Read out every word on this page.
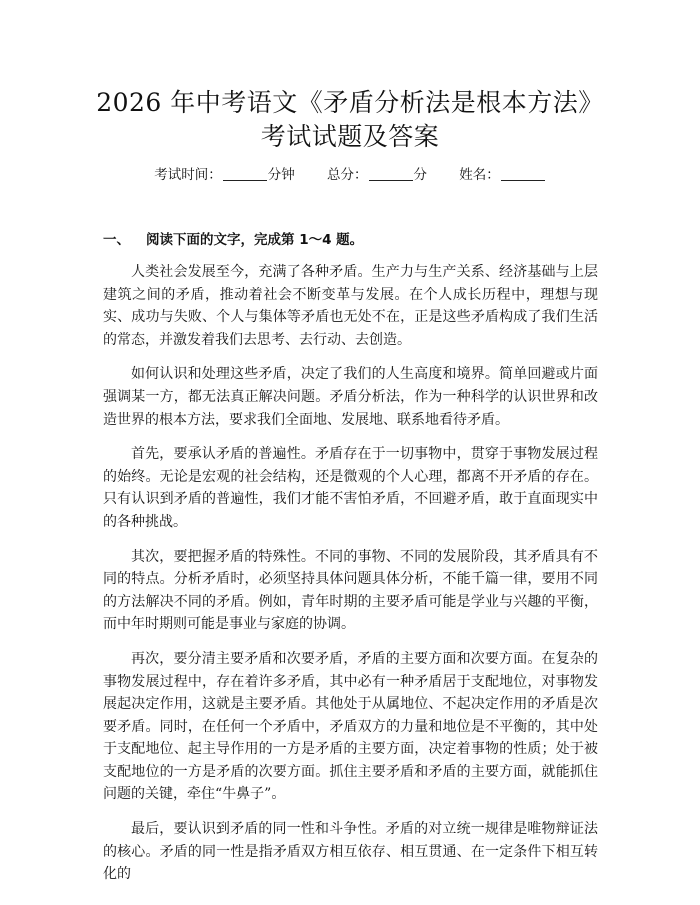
2026 年中考语文《矛盾分析法是根本方法》
考试试题及答案
考试时间：	分钟 总分：	分 姓名：
一、 阅读下面的文字，完成第 1～4 题。

人类社会发展至今，充满了各种矛盾。生产力与生产关系、经济基础与上层建筑之间的矛盾，推动着社会不断变革与发展。在个人成长历程中，理想与现实、成功与失败、个人与集体等矛盾也无处不在，正是这些矛盾构成了我们生活的常态，并激发着我们去思考、去行动、去创造。

如何认识和处理这些矛盾，决定了我们的人生高度和境界。简单回避或片面强调某一方，都无法真正解决问题。矛盾分析法，作为一种科学的认识世界和改造世界的根本方法，要求我们全面地、发展地、联系地看待矛盾。

首先，要承认矛盾的普遍性。矛盾存在于一切事物中，贯穿于事物发展过程的始终。无论是宏观的社会结构，还是微观的个人心理，都离不开矛盾的存在。只有认识到矛盾的普遍性，我们才能不害怕矛盾，不回避矛盾，敢于直面现实中的各种挑战。

其次，要把握矛盾的特殊性。不同的事物、不同的发展阶段，其矛盾具有不同的特点。分析矛盾时，必须坚持具体问题具体分析，不能千篇一律，要用不同的方法解决不同的矛盾。例如，青年时期的主要矛盾可能是学业与兴趣的平衡，而中年时期则可能是事业与家庭的协调。

再次，要分清主要矛盾和次要矛盾，矛盾的主要方面和次要方面。在复杂的事物发展过程中，存在着许多矛盾，其中必有一种矛盾居于支配地位，对事物发展起决定作用，这就是主要矛盾。其他处于从属地位、不起决定作用的矛盾是次要矛盾。同时，在任何一个矛盾中，矛盾双方的力量和地位是不平衡的，其中处于支配地位、起主导作用的一方是矛盾的主要方面，决定着事物的性质；处于被支配地位的一方是矛盾的次要方面。抓住主要矛盾和矛盾的主要方面，就能抓住问题的关键，牵住“牛鼻子”。

最后，要认识到矛盾的同一性和斗争性。矛盾的对立统一规律是唯物辩证法的核心。矛盾的同一性是指矛盾双方相互依存、相互贯通、在一定条件下相互转化的
